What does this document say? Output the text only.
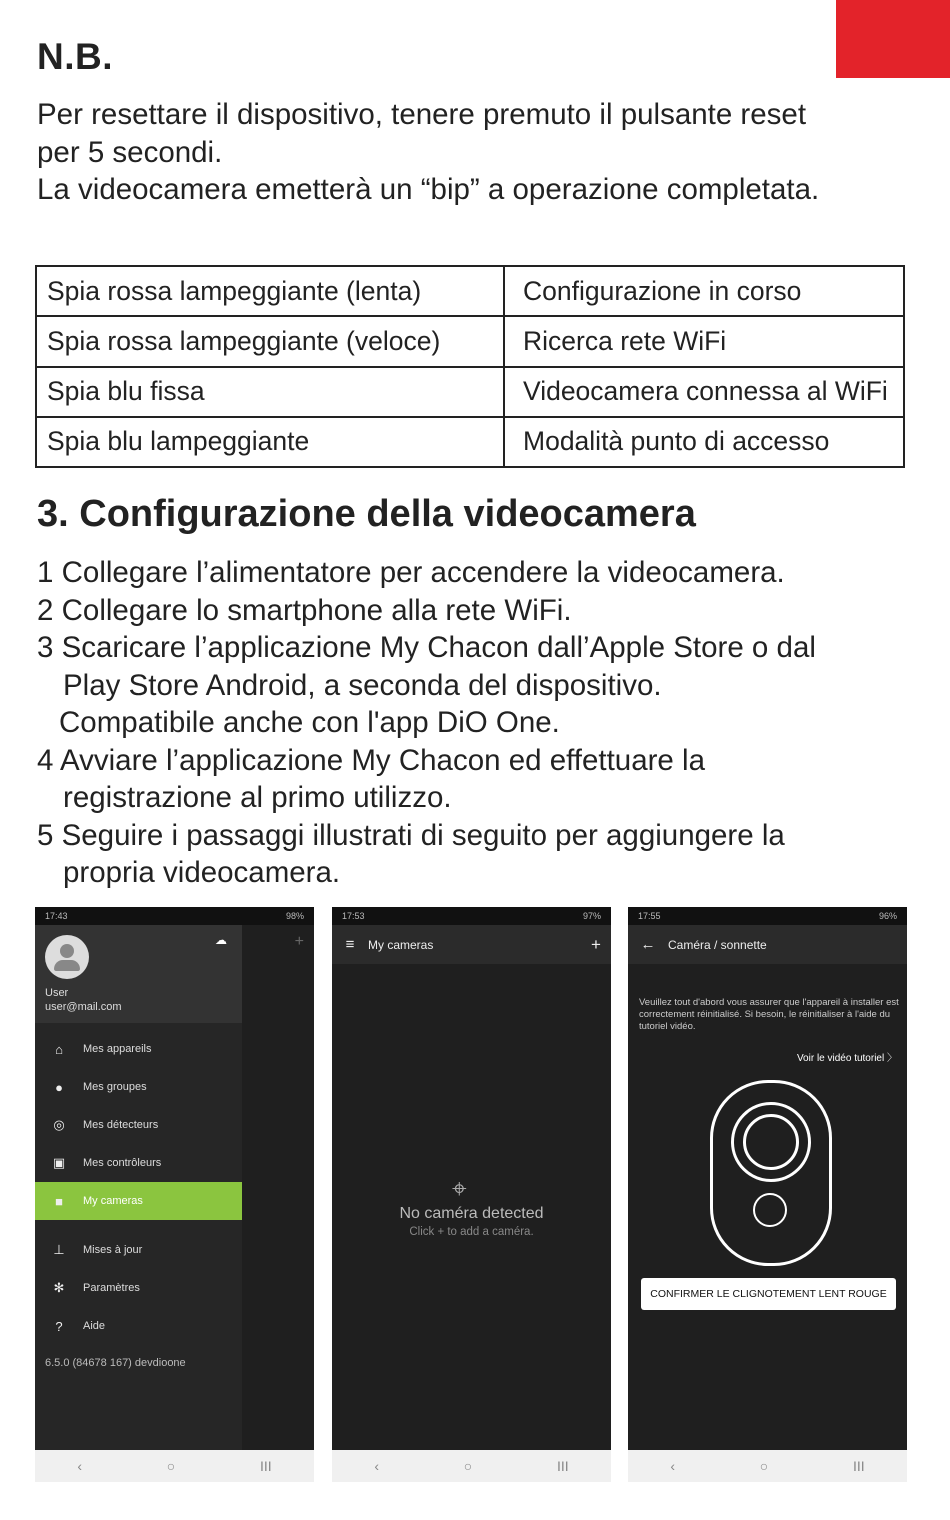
N.B.
Per resettare il dispositivo, tenere premuto il pulsante reset
per 5 secondi.
La videocamera emetterà un “bip” a operazione completata.
Spia rossa lampeggiante (lenta)	Configurazione in corso
Spia rossa lampeggiante (veloce)	Ricerca rete WiFi
Spia blu fissa	Videocamera connessa al WiFi
Spia blu lampeggiante	Modalità punto di accesso
3. Configurazione della videocamera
1 Collegare l’alimentatore per accendere la videocamera.
2 Collegare lo smartphone alla rete WiFi.
3 Scaricare l’applicazione My Chacon dall’Apple Store o dal
Play Store Android, a seconda del dispositivo.
Compatibile anche con l'app DiO One.
4 Avviare l’applicazione My Chacon ed effettuare la
registrazione al primo utilizzo.
5 Seguire i passaggi illustrati di seguito per aggiungere la
propria videocamera.
17:43	98%
+
☁
User
user@mail.com
⌂	Mes appareils
●	Mes groupes
◎	Mes détecteurs
▣	Mes contrôleurs
■	My cameras
⊥	Mises à jour
✻	Paramètres
?	Aide
6.5.0 (84678 167) devdioone
‹	○	III
17:53	97%
≡	My cameras	+
⌖
No caméra detected
Click + to add a caméra.
‹	○	III
17:55	96%
←	Caméra / sonnette
Veuillez tout d'abord vous assurer que l'appareil à installer est correctement réinitialisé. Si besoin, le réinitialiser à l'aide du tutoriel vidéo.
Voir le vidéo tutoriel 〉
CONFIRMER LE CLIGNOTEMENT LENT ROUGE
‹	○	III
